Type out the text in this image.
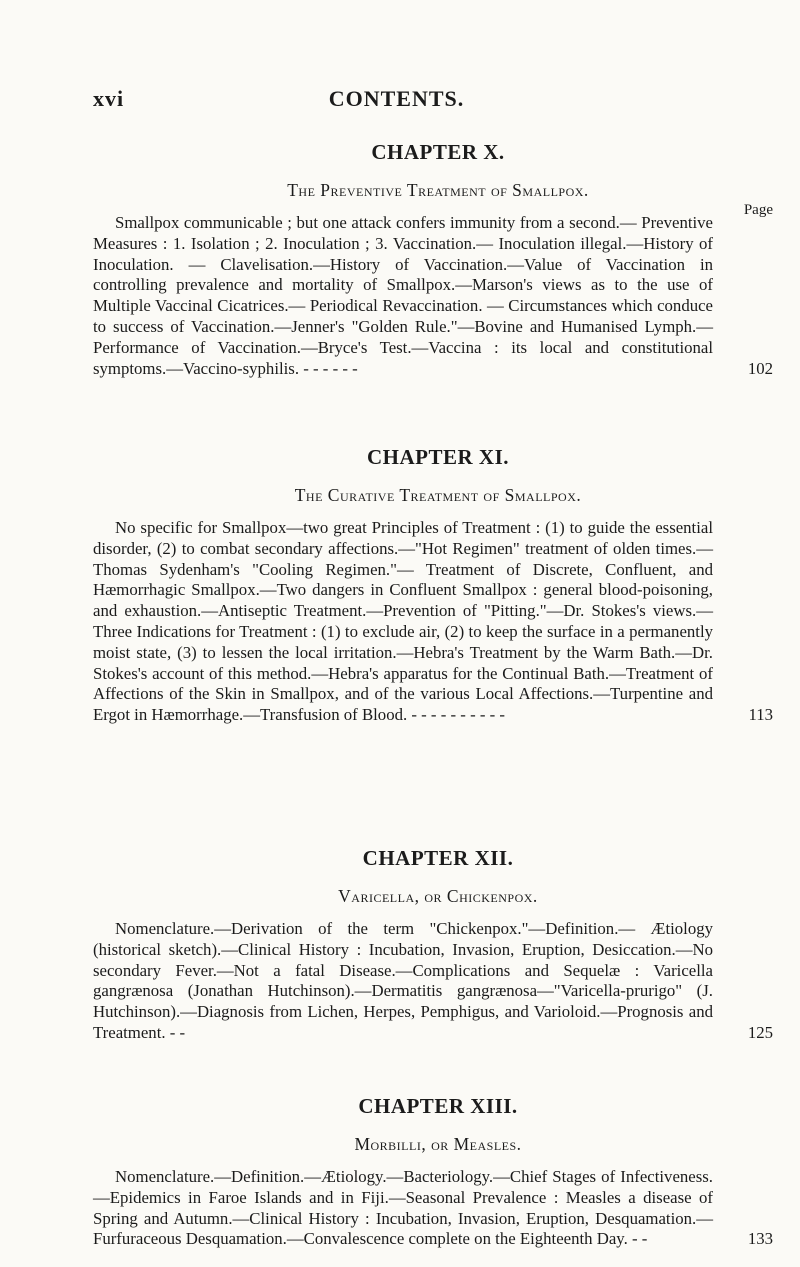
xvi	CONTENTS.
CHAPTER X.
The Preventive Treatment of Smallpox.
Page
Smallpox communicable ; but one attack confers immunity from a second.— Preventive Measures : 1. Isolation ; 2. Inoculation ; 3. Vaccination.— Inoculation illegal.—History of Inoculation. — Clavelisation.—History of Vaccination.—Value of Vaccination in controlling prevalence and mortality of Smallpox.—Marson's views as to the use of Multiple Vaccinal Cicatrices.— Periodical Revaccination. — Circumstances which conduce to success of Vaccination.—Jenner's "Golden Rule."—Bovine and Humanised Lymph.— Performance of Vaccination.—Bryce's Test.—Vaccina : its local and constitutional symptoms.—Vaccino-syphilis. - - - - - -	102
CHAPTER XI.
The Curative Treatment of Smallpox.
No specific for Smallpox—two great Principles of Treatment : (1) to guide the essential disorder, (2) to combat secondary affections.—"Hot Regimen" treatment of olden times.—Thomas Sydenham's "Cooling Regimen."— Treatment of Discrete, Confluent, and Hæmorrhagic Smallpox.—Two dangers in Confluent Smallpox : general blood-poisoning, and exhaustion.—Antiseptic Treatment.—Prevention of "Pitting."—Dr. Stokes's views.—Three Indications for Treatment : (1) to exclude air, (2) to keep the surface in a permanently moist state, (3) to lessen the local irritation.—Hebra's Treatment by the Warm Bath.—Dr. Stokes's account of this method.—Hebra's apparatus for the Continual Bath.—Treatment of Affections of the Skin in Smallpox, and of the various Local Affections.—Turpentine and Ergot in Hæmorrhage.—Transfusion of Blood. - - - - - - - - - -	113
CHAPTER XII.
Varicella, or Chickenpox.
Nomenclature.—Derivation of the term "Chickenpox."—Definition.— Ætiology (historical sketch).—Clinical History : Incubation, Invasion, Eruption, Desiccation.—No secondary Fever.—Not a fatal Disease.—Complications and Sequelæ : Varicella gangrænosa (Jonathan Hutchinson).—Dermatitis gangrænosa—"Varicella-prurigo" (J. Hutchinson).—Diagnosis from Lichen, Herpes, Pemphigus, and Varioloid.—Prognosis and Treatment. - -	125
CHAPTER XIII.
Morbilli, or Measles.
Nomenclature.—Definition.—Ætiology.—Bacteriology.—Chief Stages of Infectiveness.—Epidemics in Faroe Islands and in Fiji.—Seasonal Prevalence : Measles a disease of Spring and Autumn.—Clinical History : Incubation, Invasion, Eruption, Desquamation.—Furfuraceous Desquamation.—Convalescence complete on the Eighteenth Day. - -	133
